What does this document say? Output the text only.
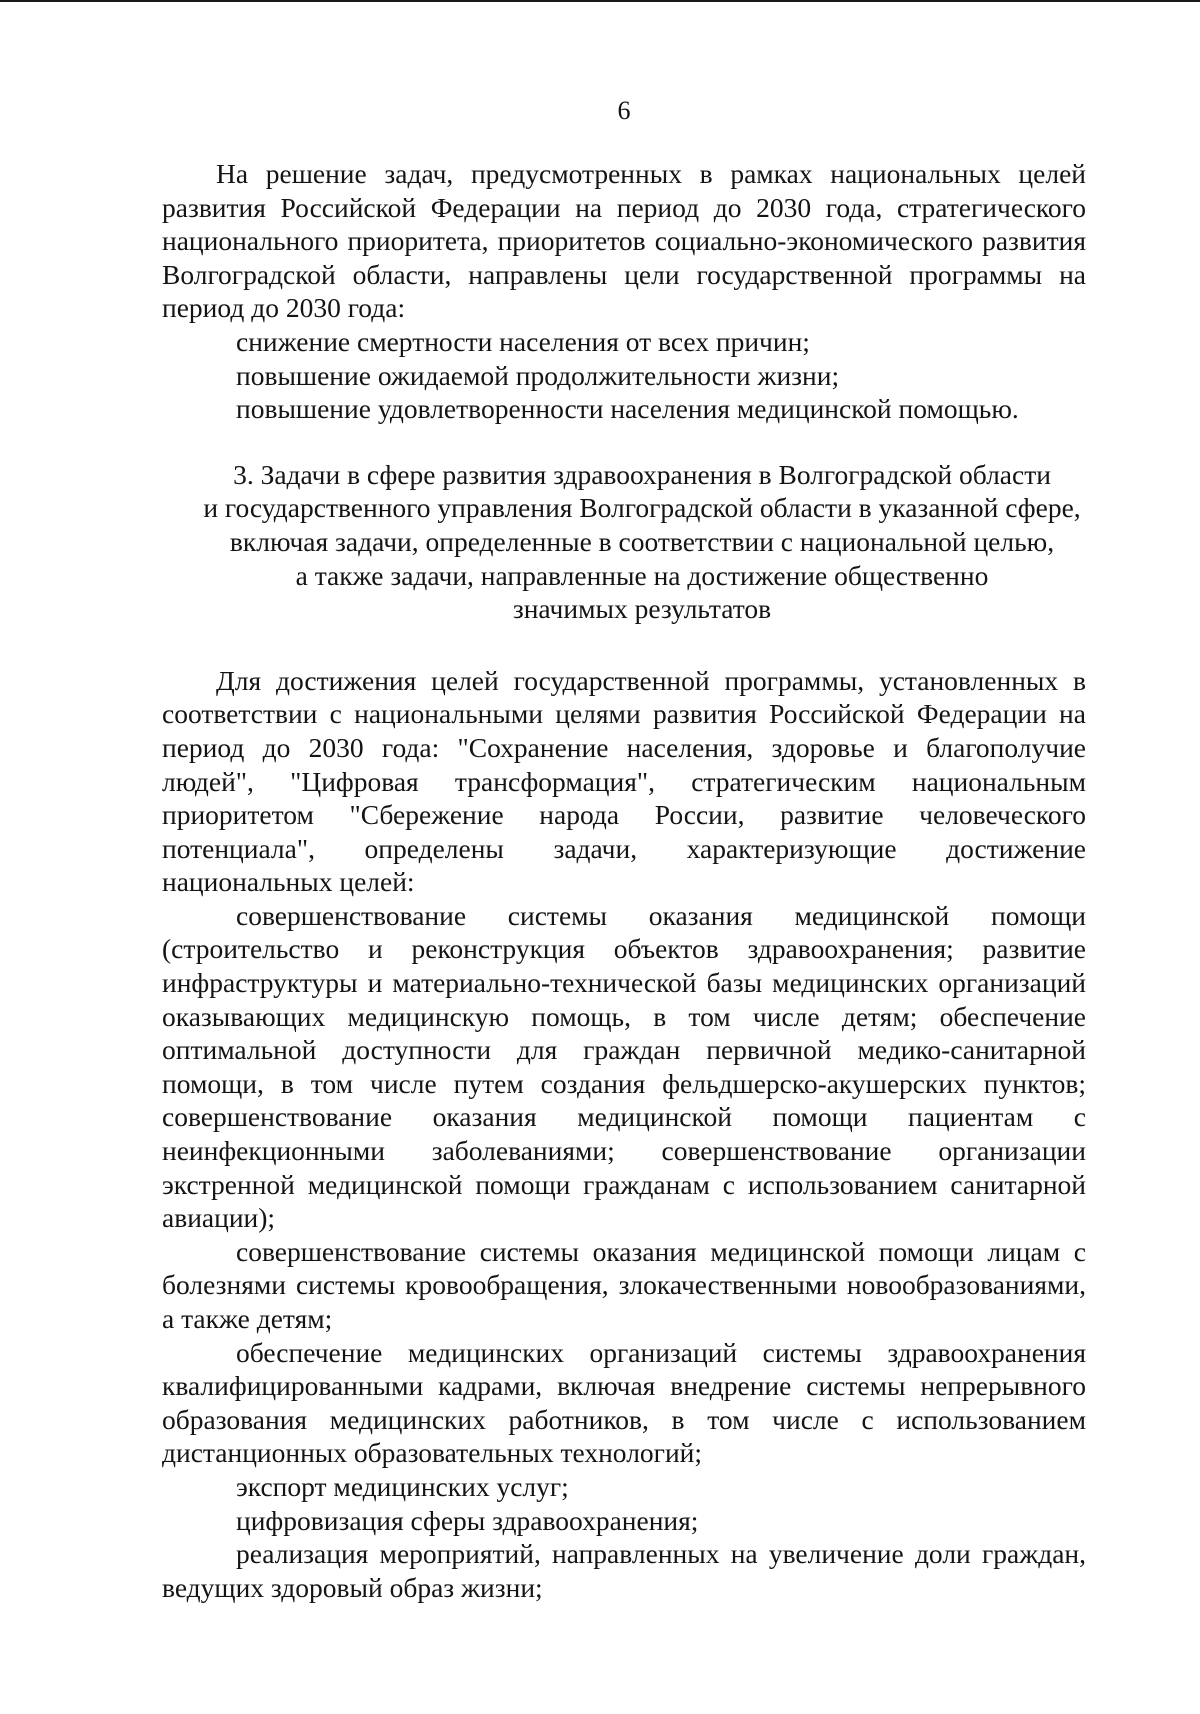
6

На решение задач, предусмотренных в рамках национальных целей развития Российской Федерации на период до 2030 года, стратегического национального приоритета, приоритетов социально-экономического развития Волгоградской области, направлены цели государственной программы на период до 2030 года:

снижение смертности населения от всех причин;

повышение ожидаемой продолжительности жизни;

повышение удовлетворенности населения медицинской помощью.

3. Задачи в сфере развития здравоохранения в Волгоградской области
и государственного управления Волгоградской области в указанной сфере,
включая задачи, определенные в соответствии с национальной целью,
а также задачи, направленные на достижение общественно
значимых результатов

Для достижения целей государственной программы, установленных в соответствии с национальными целями развития Российской Федерации на период до 2030 года: "Сохранение населения, здоровье и благополучие людей", "Цифровая трансформация", стратегическим национальным приоритетом "Сбережение народа России, развитие человеческого потенциала", определены задачи, характеризующие достижение национальных целей:

совершенствование системы оказания медицинской помощи (строительство и реконструкция объектов здравоохранения; развитие инфраструктуры и материально-технической базы медицинских организаций оказывающих медицинскую помощь, в том числе детям; обеспечение оптимальной доступности для граждан первичной медико-санитарной помощи, в том числе путем создания фельдшерско-акушерских пунктов; совершенствование оказания медицинской помощи пациентам с неинфекционными заболеваниями; совершенствование организации экстренной медицинской помощи гражданам с использованием санитарной авиации);

совершенствование системы оказания медицинской помощи лицам с болезнями системы кровообращения, злокачественными новообразованиями, а также детям;

обеспечение медицинских организаций системы здравоохранения квалифицированными кадрами, включая внедрение системы непрерывного образования медицинских работников, в том числе с использованием дистанционных образовательных технологий;

экспорт медицинских услуг;

цифровизация сферы здравоохранения;

реализация мероприятий, направленных на увеличение доли граждан, ведущих здоровый образ жизни;
